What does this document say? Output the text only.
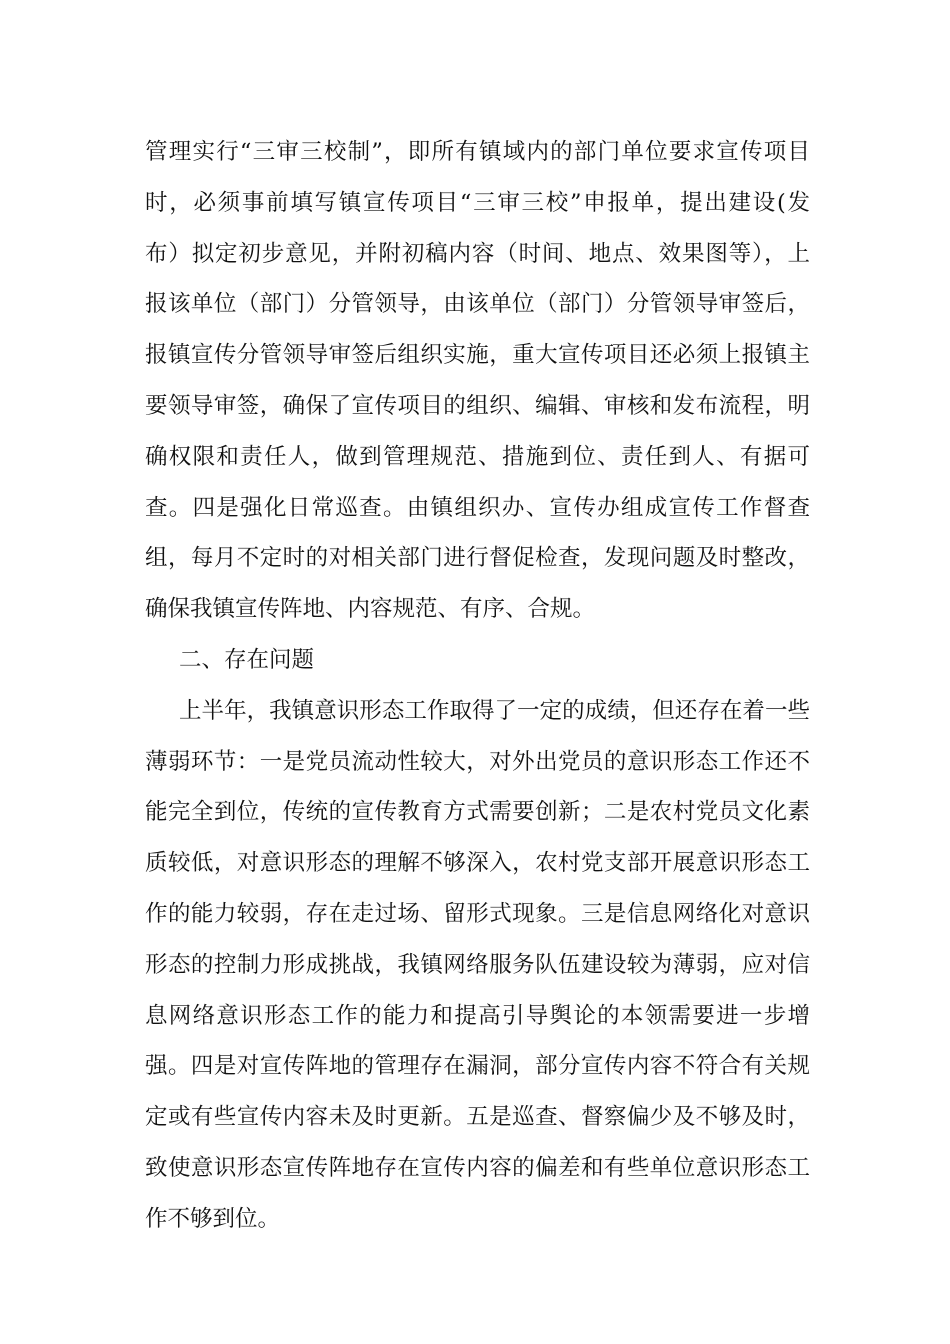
管理实行“三审三校制”，即所有镇域内的部门单位要求宣传项目
时，必须事前填写镇宣传项目“三审三校”申报单，提出建设(发
布）拟定初步意见，并附初稿内容（时间、地点、效果图等），上
报该单位（部门）分管领导，由该单位（部门）分管领导审签后，
报镇宣传分管领导审签后组织实施，重大宣传项目还必须上报镇主
要领导审签，确保了宣传项目的组织、编辑、审核和发布流程，明
确权限和责任人，做到管理规范、措施到位、责任到人、有据可
查。四是强化日常巡查。由镇组织办、宣传办组成宣传工作督查
组，每月不定时的对相关部门进行督促检查，发现问题及时整改，
确保我镇宣传阵地、内容规范、有序、合规。
二、存在问题
上半年，我镇意识形态工作取得了一定的成绩，但还存在着一些
薄弱环节：一是党员流动性较大，对外出党员的意识形态工作还不
能完全到位，传统的宣传教育方式需要创新；二是农村党员文化素
质较低，对意识形态的理解不够深入，农村党支部开展意识形态工
作的能力较弱，存在走过场、留形式现象。三是信息网络化对意识
形态的控制力形成挑战，我镇网络服务队伍建设较为薄弱，应对信
息网络意识形态工作的能力和提高引导舆论的本领需要进一步增
强。四是对宣传阵地的管理存在漏洞，部分宣传内容不符合有关规
定或有些宣传内容未及时更新。五是巡查、督察偏少及不够及时，
致使意识形态宣传阵地存在宣传内容的偏差和有些单位意识形态工
作不够到位。
